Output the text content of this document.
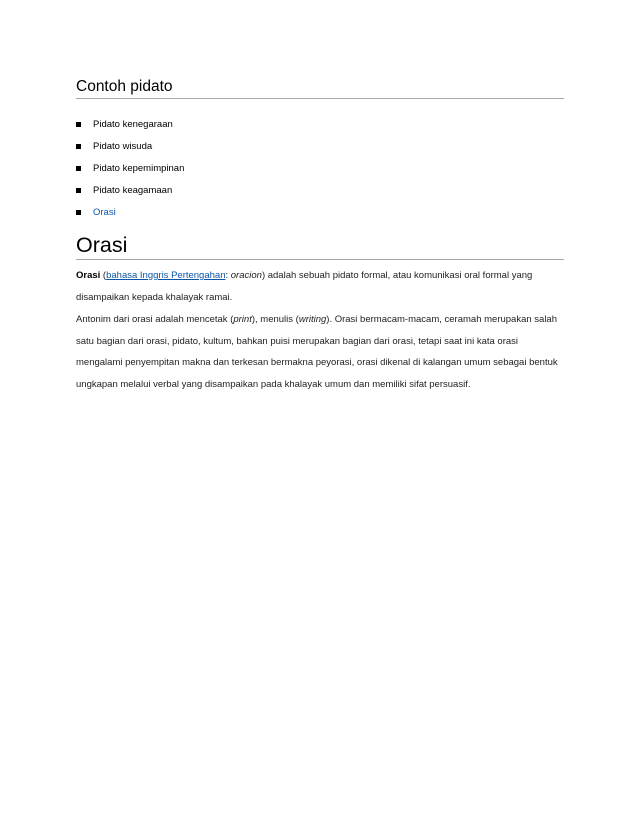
Contoh pidato
Pidato kenegaraan
Pidato wisuda
Pidato kepemimpinan
Pidato keagamaan
Orasi
Orasi

Orasi (bahasa Inggris Pertengahan: oracion) adalah sebuah pidato formal, atau komunikasi oral formal yang disampaikan kepada khalayak ramai.

Antonim dari orasi adalah mencetak (print), menulis (writing). Orasi bermacam-macam, ceramah merupakan salah satu bagian dari orasi, pidato, kultum, bahkan puisi merupakan bagian dari orasi, tetapi saat ini kata orasi mengalami penyempitan makna dan terkesan bermakna peyorasi, orasi dikenal di kalangan umum sebagai bentuk ungkapan melalui verbal yang disampaikan pada khalayak umum dan memiliki sifat persuasif.
